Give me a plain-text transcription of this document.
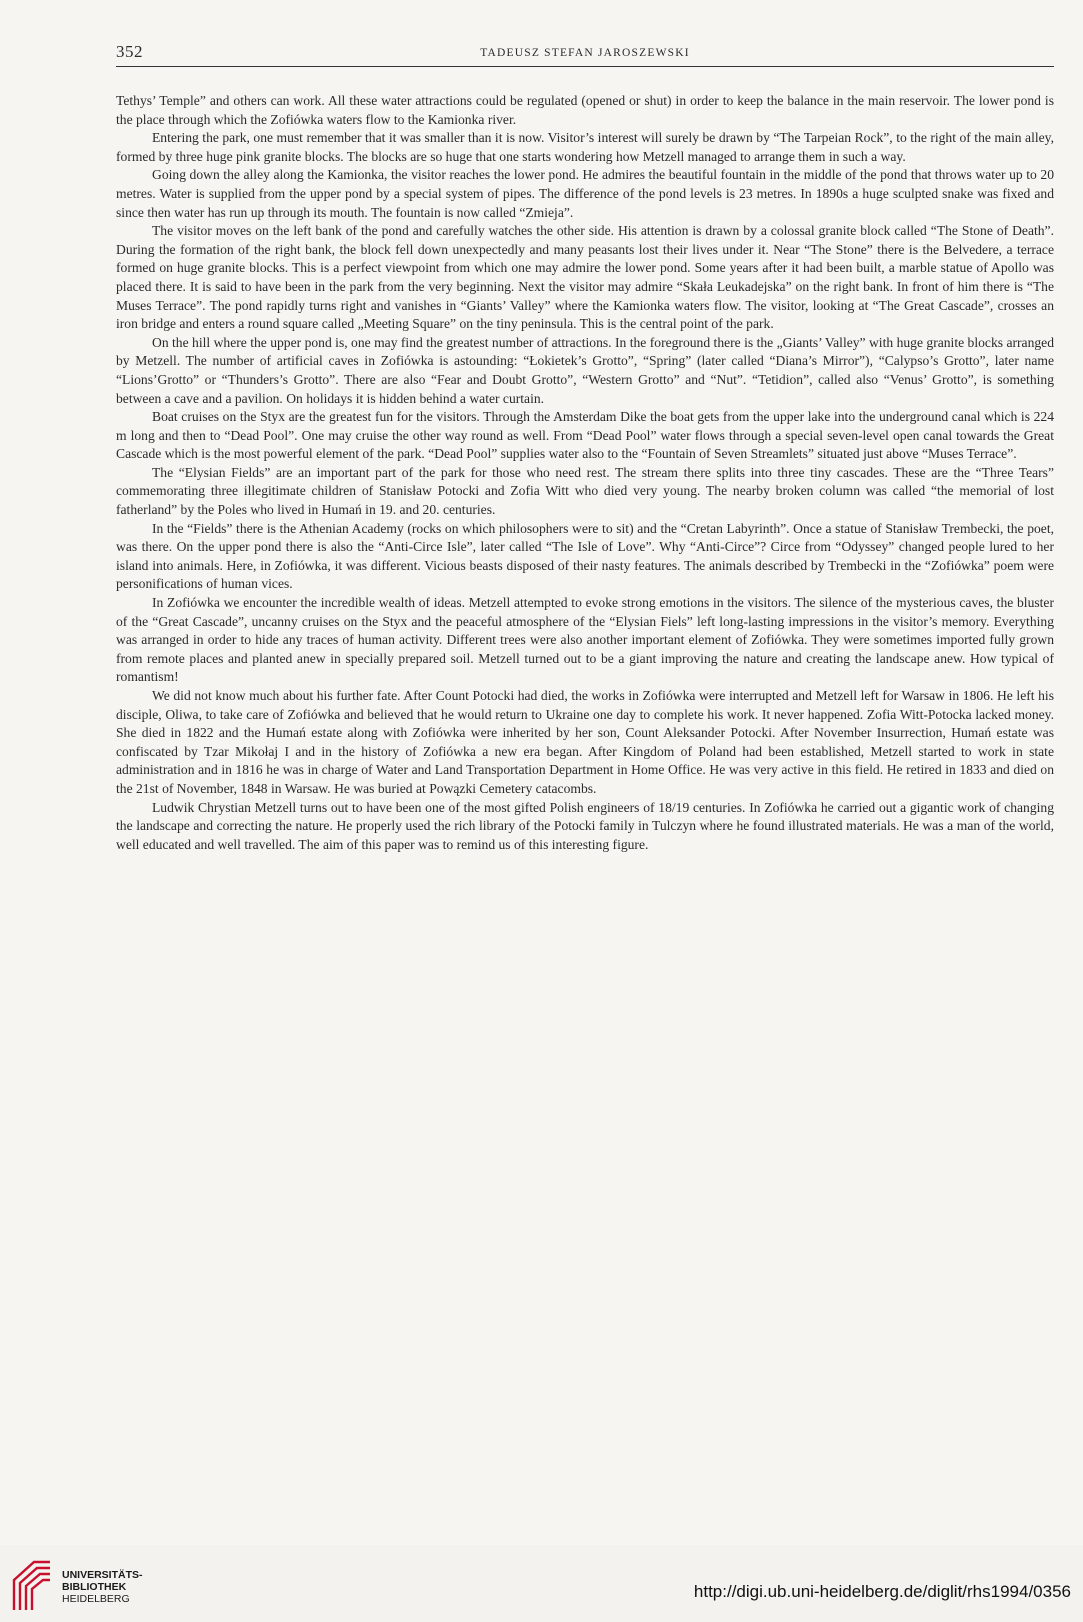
352	TADEUSZ STEFAN JAROSZEWSKI

Tethys’ Temple” and others can work. All these water attractions could be regulated (opened or shut) in order to keep the balance in the main reservoir. The lower pond is the place through which the Zofiówka waters flow to the Kamionka river.

Entering the park, one must remember that it was smaller than it is now. Visitor’s interest will surely be drawn by “The Tarpeian Rock”, to the right of the main alley, formed by three huge pink granite blocks. The blocks are so huge that one starts wondering how Metzell managed to arrange them in such a way.

Going down the alley along the Kamionka, the visitor reaches the lower pond. He admires the beautiful fountain in the middle of the pond that throws water up to 20 metres. Water is supplied from the upper pond by a special system of pipes. The difference of the pond levels is 23 metres. In 1890s a huge sculpted snake was fixed and since then water has run up through its mouth. The fountain is now called “Zmieja”.

The visitor moves on the left bank of the pond and carefully watches the other side. His attention is drawn by a colossal granite block called “The Stone of Death”. During the formation of the right bank, the block fell down unexpectedly and many peasants lost their lives under it. Near “The Stone” there is the Belvedere, a terrace formed on huge granite blocks. This is a perfect viewpoint from which one may admire the lower pond. Some years after it had been built, a marble statue of Apollo was placed there. It is said to have been in the park from the very beginning. Next the visitor may admire “Skała Leukadejska” on the right bank. In front of him there is “The Muses Terrace”. The pond rapidly turns right and vanishes in “Giants’ Valley” where the Kamionka waters flow. The visitor, looking at “The Great Cascade”, crosses an iron bridge and enters a round square called „Meeting Square” on the tiny peninsula. This is the central point of the park.

On the hill where the upper pond is, one may find the greatest number of attractions. In the foreground there is the „Giants’ Valley” with huge granite blocks arranged by Metzell. The number of artificial caves in Zofiówka is astounding: “Łokietek’s Grotto”, “Spring” (later called “Diana’s Mirror”), “Calypso’s Grotto”, later name “Lions’Grotto” or “Thunders’s Grotto”. There are also “Fear and Doubt Grotto”, “Western Grotto” and “Nut”. “Tetidion”, called also “Venus’ Grotto”, is something between a cave and a pavilion. On holidays it is hidden behind a water curtain.

Boat cruises on the Styx are the greatest fun for the visitors. Through the Amsterdam Dike the boat gets from the upper lake into the underground canal which is 224 m long and then to “Dead Pool”. One may cruise the other way round as well. From “Dead Pool” water flows through a special seven-level open canal towards the Great Cascade which is the most powerful element of the park. “Dead Pool” supplies water also to the “Fountain of Seven Streamlets” situated just above “Muses Terrace”.

The “Elysian Fields” are an important part of the park for those who need rest. The stream there splits into three tiny cascades. These are the “Three Tears” commemorating three illegitimate children of Stanisław Potocki and Zofia Witt who died very young. The nearby broken column was called “the memorial of lost fatherland” by the Poles who lived in Humań in 19. and 20. centuries.

In the “Fields” there is the Athenian Academy (rocks on which philosophers were to sit) and the “Cretan Labyrinth”. Once a statue of Stanisław Trembecki, the poet, was there. On the upper pond there is also the “Anti-Circe Isle”, later called “The Isle of Love”. Why “Anti-Circe”? Circe from “Odyssey” changed people lured to her island into animals. Here, in Zofiówka, it was different. Vicious beasts disposed of their nasty features. The animals described by Trembecki in the “Zofiówka” poem were personifications of human vices.

In Zofiówka we encounter the incredible wealth of ideas. Metzell attempted to evoke strong emotions in the visitors. The silence of the mysterious caves, the bluster of the “Great Cascade”, uncanny cruises on the Styx and the peaceful atmosphere of the “Elysian Fiels” left long-lasting impressions in the visitor’s memory. Everything was arranged in order to hide any traces of human activity. Different trees were also another important element of Zofiówka. They were sometimes imported fully grown from remote places and planted anew in specially prepared soil. Metzell turned out to be a giant improving the nature and creating the landscape anew. How typical of romantism!

We did not know much about his further fate. After Count Potocki had died, the works in Zofiówka were interrupted and Metzell left for Warsaw in 1806. He left his disciple, Oliwa, to take care of Zofiówka and believed that he would return to Ukraine one day to complete his work. It never happened. Zofia Witt-Potocka lacked money. She died in 1822 and the Humań estate along with Zofiówka were inherited by her son, Count Aleksander Potocki. After November Insurrection, Humań estate was confiscated by Tzar Mikołaj I and in the history of Zofiówka a new era began. After Kingdom of Poland had been established, Metzell started to work in state administration and in 1816 he was in charge of Water and Land Transportation Department in Home Office. He was very active in this field. He retired in 1833 and died on the 21st of November, 1848 in Warsaw. He was buried at Powązki Cemetery catacombs.

Ludwik Chrystian Metzell turns out to have been one of the most gifted Polish engineers of 18/19 centuries. In Zofiówka he carried out a gigantic work of changing the landscape and correcting the nature. He properly used the rich library of the Potocki family in Tulczyn where he found illustrated materials. He was a man of the world, well educated and well travelled. The aim of this paper was to remind us of this interesting figure.

UNIVERSITÄTS-
BIBLIOTHEK
HEIDELBERG	http://digi.ub.uni-heidelberg.de/diglit/rhs1994/0356
